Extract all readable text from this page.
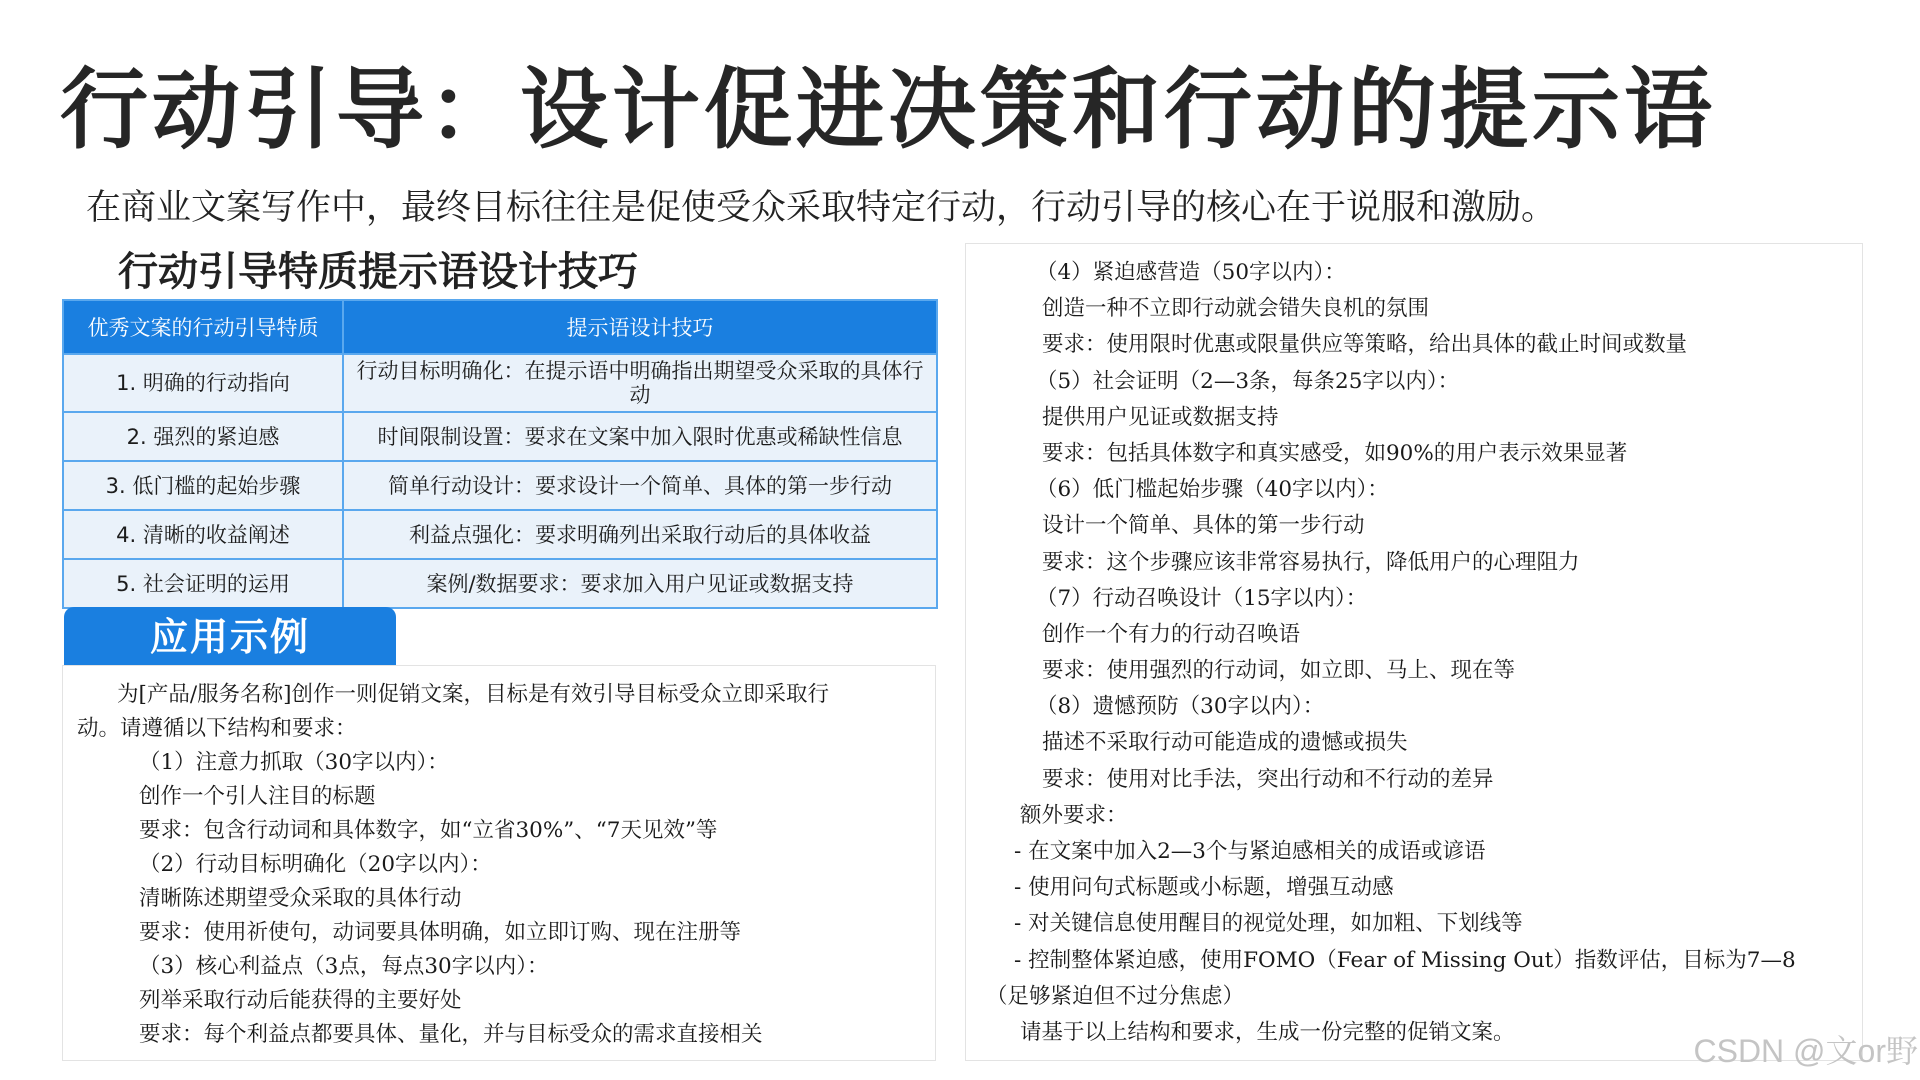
行动引导：设计促进决策和行动的提示语
在商业文案写作中，最终目标往往是促使受众采取特定行动，行动引导的核心在于说服和激励。
行动引导特质提示语设计技巧
优秀文案的行动引导特质	提示语设计技巧
1. 明确的行动指向	行动目标明确化：在提示语中明确指出期望受众采取的具体行动
2. 强烈的紧迫感	时间限制设置：要求在文案中加入限时优惠或稀缺性信息
3. 低门槛的起始步骤	简单行动设计：要求设计一个简单、具体的第一步行动
4. 清晰的收益阐述	利益点强化：要求明确列出采取行动后的具体收益
5. 社会证明的运用	案例/数据要求：要求加入用户见证或数据支持
应用示例
为[产品/服务名称]创作一则促销文案，目标是有效引导目标受众立即采取行
动。请遵循以下结构和要求：
（1）注意力抓取（30字以内）：
创作一个引人注目的标题
要求：包含行动词和具体数字，如“立省30%”、“7天见效”等
（2）行动目标明确化（20字以内）：
清晰陈述期望受众采取的具体行动
要求：使用祈使句，动词要具体明确，如立即订购、现在注册等
（3）核心利益点（3点，每点30字以内）：
列举采取行动后能获得的主要好处
要求：每个利益点都要具体、量化，并与目标受众的需求直接相关
（4）紧迫感营造（50字以内）：
创造一种不立即行动就会错失良机的氛围
要求：使用限时优惠或限量供应等策略，给出具体的截止时间或数量
（5）社会证明（2—3条，每条25字以内）：
提供用户见证或数据支持
要求：包括具体数字和真实感受，如90%的用户表示效果显著
（6）低门槛起始步骤（40字以内）：
设计一个简单、具体的第一步行动
要求：这个步骤应该非常容易执行，降低用户的心理阻力
（7）行动召唤设计（15字以内）：
创作一个有力的行动召唤语
要求：使用强烈的行动词，如立即、马上、现在等
（8）遗憾预防（30字以内）：
描述不采取行动可能造成的遗憾或损失
要求：使用对比手法，突出行动和不行动的差异
额外要求：
- 在文案中加入2—3个与紧迫感相关的成语或谚语
- 使用问句式标题或小标题，增强互动感
- 对关键信息使用醒目的视觉处理，如加粗、下划线等
- 控制整体紧迫感，使用FOMO（Fear of Missing Out）指数评估，目标为7—8
（足够紧迫但不过分焦虑）
请基于以上结构和要求，生成一份完整的促销文案。
CSDN @文or野
